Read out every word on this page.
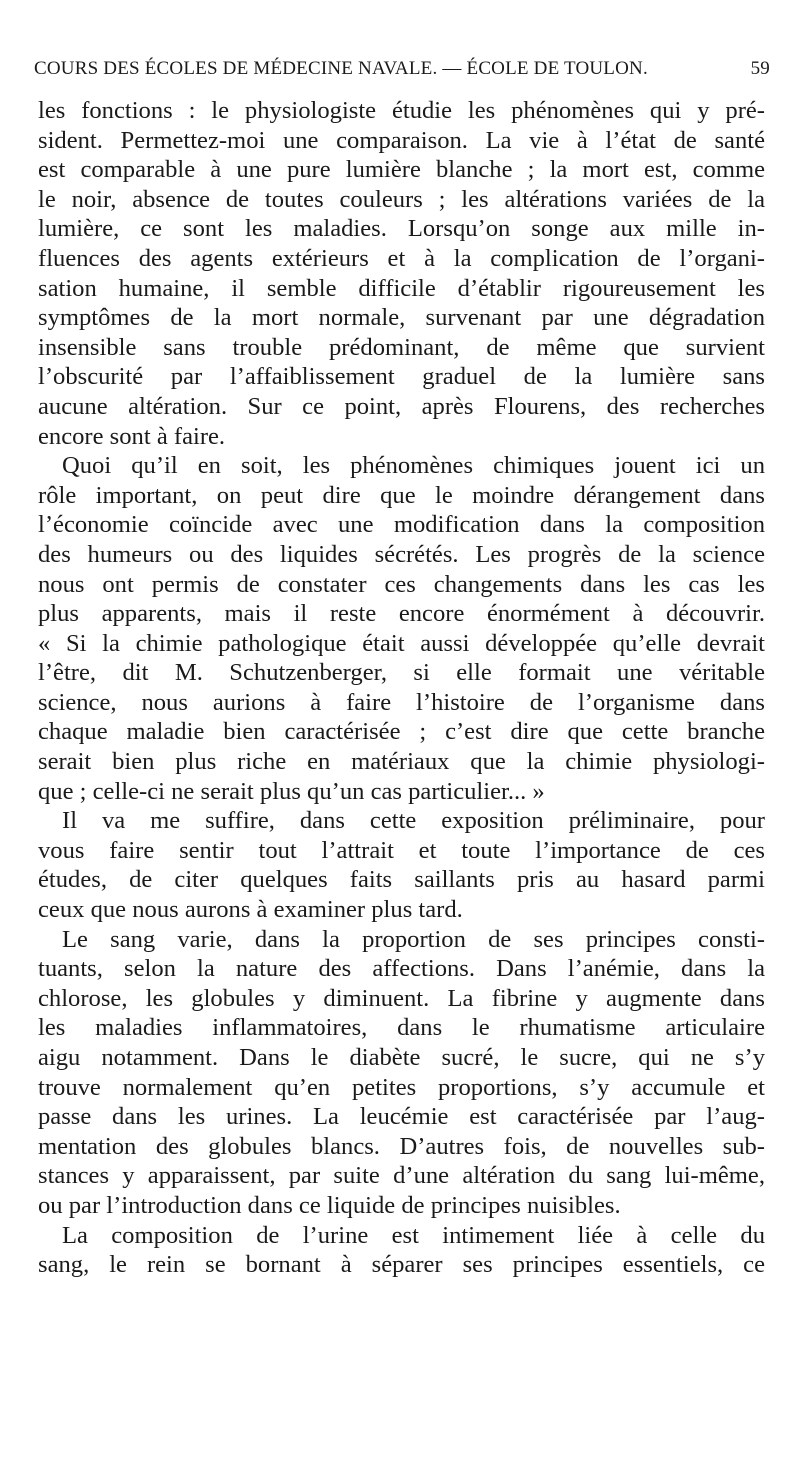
COURS DES ÉCOLES DE MÉDECINE NAVALE. — ÉCOLE DE TOULON.	59
les fonctions : le physiologiste étudie les phénomènes qui y pré-
sident. Permettez-moi une comparaison. La vie à l’état de santé
est comparable à une pure lumière blanche ; la mort est, comme
le noir, absence de toutes couleurs ; les altérations variées de la
lumière, ce sont les maladies. Lorsqu’on songe aux mille in-
fluences des agents extérieurs et à la complication de l’organi-
sation humaine, il semble difficile d’établir rigoureusement les
symptômes de la mort normale, survenant par une dégradation
insensible sans trouble prédominant, de même que survient
l’obscurité par l’affaiblissement graduel de la lumière sans
aucune altération. Sur ce point, après Flourens, des recherches
encore sont à faire.
Quoi qu’il en soit, les phénomènes chimiques jouent ici un
rôle important, on peut dire que le moindre dérangement dans
l’économie coïncide avec une modification dans la composition
des humeurs ou des liquides sécrétés. Les progrès de la science
nous ont permis de constater ces changements dans les cas les
plus apparents, mais il reste encore énormément à découvrir.
« Si la chimie pathologique était aussi développée qu’elle devrait
l’être, dit M. Schutzenberger, si elle formait une véritable
science, nous aurions à faire l’histoire de l’organisme dans
chaque maladie bien caractérisée ; c’est dire que cette branche
serait bien plus riche en matériaux que la chimie physiologi-
que ; celle-ci ne serait plus qu’un cas particulier... »
Il va me suffire, dans cette exposition préliminaire, pour
vous faire sentir tout l’attrait et toute l’importance de ces
études, de citer quelques faits saillants pris au hasard parmi
ceux que nous aurons à examiner plus tard.
Le sang varie, dans la proportion de ses principes consti-
tuants, selon la nature des affections. Dans l’anémie, dans la
chlorose, les globules y diminuent. La fibrine y augmente dans
les maladies inflammatoires, dans le rhumatisme articulaire
aigu notamment. Dans le diabète sucré, le sucre, qui ne s’y
trouve normalement qu’en petites proportions, s’y accumule et
passe dans les urines. La leucémie est caractérisée par l’aug-
mentation des globules blancs. D’autres fois, de nouvelles sub-
stances y apparaissent, par suite d’une altération du sang lui-même,
ou par l’introduction dans ce liquide de principes nuisibles.
La composition de l’urine est intimement liée à celle du
sang, le rein se bornant à séparer ses principes essentiels, ce
